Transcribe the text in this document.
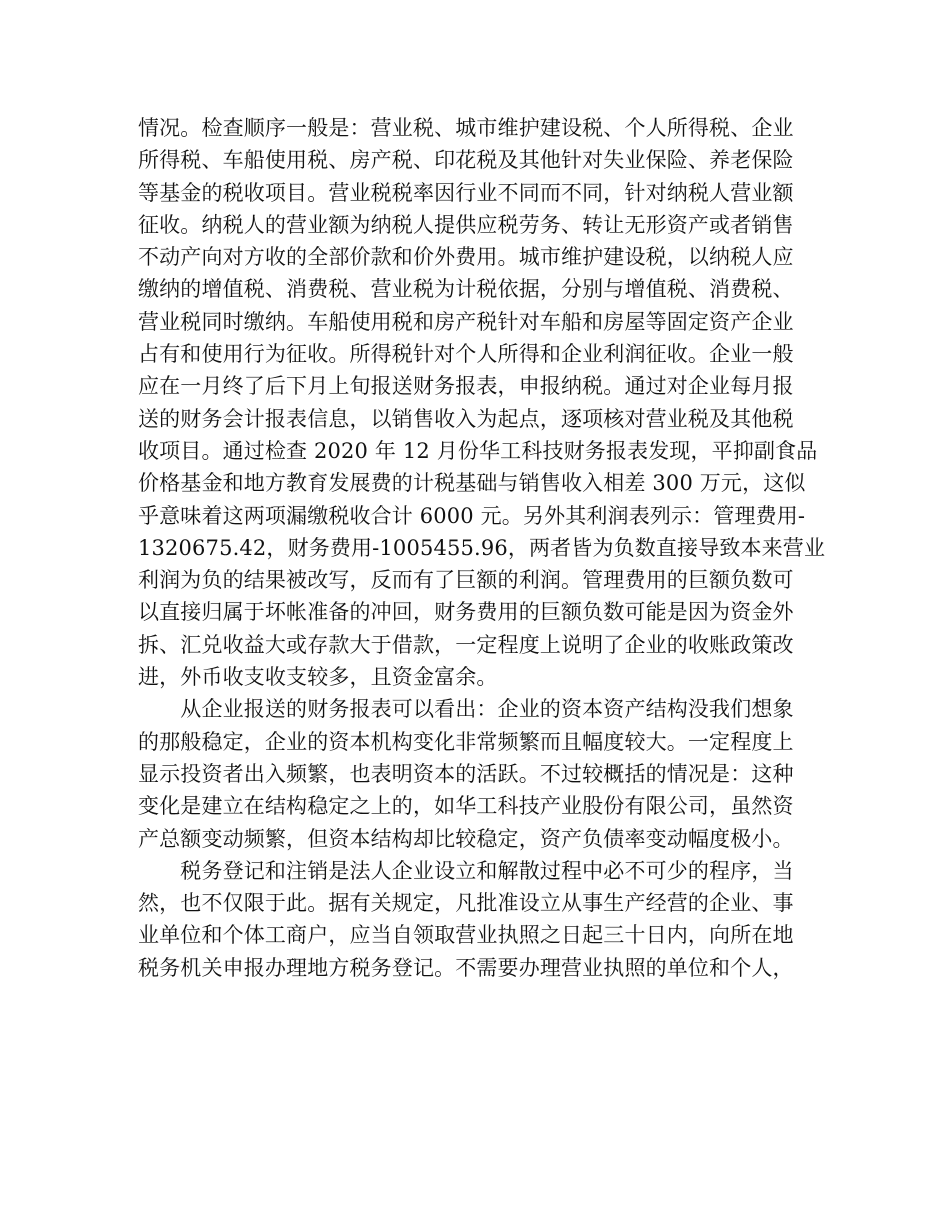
情况。检查顺序一般是：营业税、城市维护建设税、个人所得税、企业
所得税、车船使用税、房产税、印花税及其他针对失业保险、养老保险
等基金的税收项目。营业税税率因行业不同而不同，针对纳税人营业额
征收。纳税人的营业额为纳税人提供应税劳务、转让无形资产或者销售
不动产向对方收的全部价款和价外费用。城市维护建设税，以纳税人应
缴纳的增值税、消费税、营业税为计税依据，分别与增值税、消费税、
营业税同时缴纳。车船使用税和房产税针对车船和房屋等固定资产企业
占有和使用行为征收。所得税针对个人所得和企业利润征收。企业一般
应在一月终了后下月上旬报送财务报表，申报纳税。通过对企业每月报
送的财务会计报表信息，以销售收入为起点，逐项核对营业税及其他税
收项目。通过检查 2020 年 12 月份华工科技财务报表发现，平抑副食品
价格基金和地方教育发展费的计税基础与销售收入相差 300 万元，这似
乎意味着这两项漏缴税收合计 6000 元。另外其利润表列示：管理费用-
1320675.42，财务费用-1005455.96，两者皆为负数直接导致本来营业
利润为负的结果被改写，反而有了巨额的利润。管理费用的巨额负数可
以直接归属于坏帐准备的冲回，财务费用的巨额负数可能是因为资金外
拆、汇兑收益大或存款大于借款，一定程度上说明了企业的收账政策改
进，外币收支收支较多，且资金富余。
　　从企业报送的财务报表可以看出：企业的资本资产结构没我们想象
的那般稳定，企业的资本机构变化非常频繁而且幅度较大。一定程度上
显示投资者出入频繁，也表明资本的活跃。不过较概括的情况是：这种
变化是建立在结构稳定之上的，如华工科技产业股份有限公司，虽然资
产总额变动频繁，但资本结构却比较稳定，资产负债率变动幅度极小。
　　税务登记和注销是法人企业设立和解散过程中必不可少的程序，当
然，也不仅限于此。据有关规定，凡批准设立从事生产经营的企业、事
业单位和个体工商户，应当自领取营业执照之日起三十日内，向所在地
税务机关申报办理地方税务登记。不需要办理营业执照的单位和个人，
